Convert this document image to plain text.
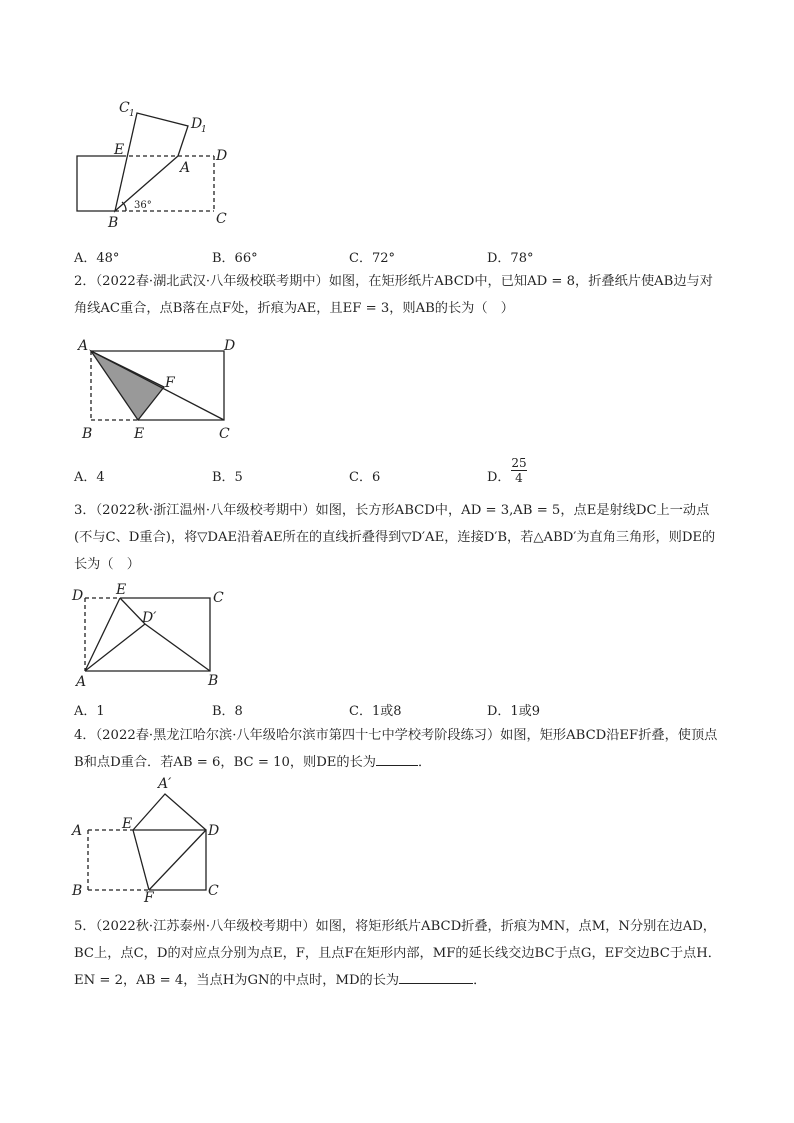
C 1
D
1
E
A
D
B	C
36°
A．48°	B．66°	C．72°	D．78°
2．（2022春·湖北武汉·八年级校联考期中）如图，在矩形纸片ABCD中，已知AD = 8，折叠纸片使AB边与对角线AC重合，点B落在点F处，折痕为AE，且EF = 3，则AB的长为（　）
A	D
F
B	E	C
A．4	B．5	C．6	D． $\frac{25}{4}$
3．（2022秋·浙江温州·八年级校考期中）如图，长方形ABCD中，AD = 3,AB = 5，点E是射线DC上一动点(不与C、D重合)，将▽DAE沿着AE所在的直线折叠得到▽D′AE，连接D′B，若△ABD′为直角三角形，则DE的长为（　）
D E	C
D′
A	B
A．1	B．8	C．1或8	D．1或9
4．（2022春·黑龙江哈尔滨·八年级哈尔滨市第四十七中学校考阶段练习）如图，矩形ABCD沿EF折叠，使顶点B和点D重合．若AB = 6，BC = 10，则DE的长为	．
A′
A	E	D
B	F	C
5．（2022秋·江苏泰州·八年级校考期中）如图，将矩形纸片ABCD折叠，折痕为MN，点M，N分别在边AD，BC上，点C，D的对应点分别为点E，F，且点F在矩形内部，MF的延长线交边BC于点G，EF交边BC于点H．EN = 2，AB = 4，当点H为GN的中点时，MD的长为	．
